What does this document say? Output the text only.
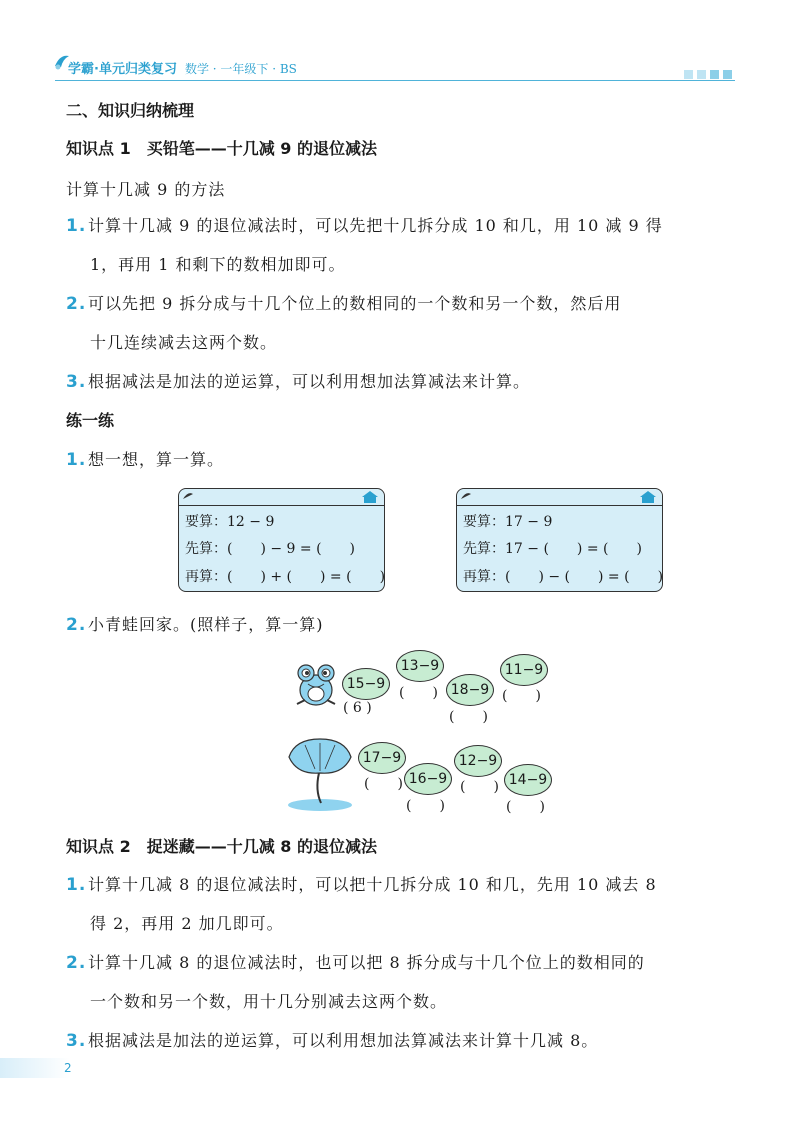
学霸·单元归类复习 数学 · 一年级下 · BS
二、知识归纳梳理
知识点 1　买铅笔——十几减 9 的退位减法
计算十几减 9 的方法
1. 计算十几减 9 的退位减法时，可以先把十几拆分成 10 和几，用 10 减 9 得
1，再用 1 和剩下的数相加即可。
2. 可以先把 9 拆分成与十几个位上的数相同的一个数和另一个数，然后用
十几连续减去这两个数。
3. 根据减法是加法的逆运算，可以利用想加法算减法来计算。
练一练
1. 想一想，算一算。
要算：12 − 9
先算：(　　) − 9 = (　　)
再算：(　　) + (　　) = (　　)
要算：17 − 9
先算：17 − (　　) = (　　)
再算：(　　) − (　　) = (　　)
2. 小青蛙回家。(照样子，算一算)
15−9
( 6 )
13−9
(　　) 18−9
(　　)
11−9
(　　)
17−9
(　　) 16−9
(　　)
12−9
(　　) 14−9
(　　)
知识点 2　捉迷藏——十几减 8 的退位减法
1. 计算十几减 8 的退位减法时，可以把十几拆分成 10 和几，先用 10 减去 8
得 2，再用 2 加几即可。
2. 计算十几减 8 的退位减法时，也可以把 8 拆分成与十几个位上的数相同的
一个数和另一个数，用十几分别减去这两个数。
3. 根据减法是加法的逆运算，可以利用想加法算减法来计算十几减 8。
2
